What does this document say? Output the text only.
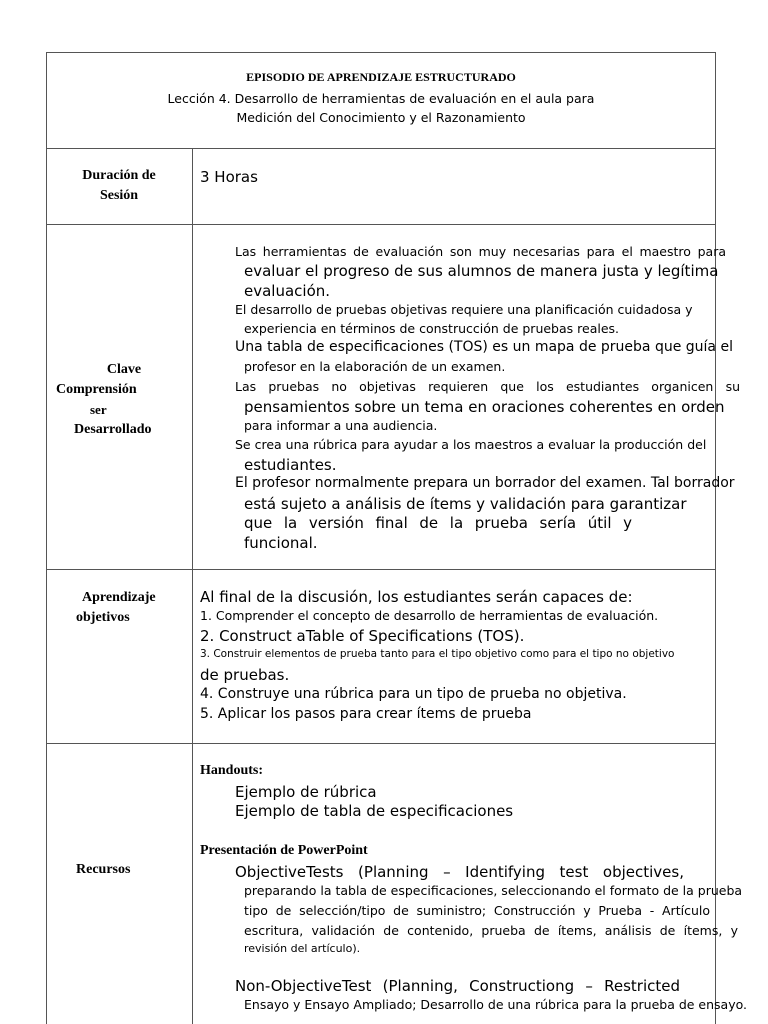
EPISODIO DE APRENDIZAJE ESTRUCTURADO
Lección 4. Desarrollo de herramientas de evaluación en el aula para
Medición del Conocimiento y el Razonamiento
Duración de
Sesión
3 Horas
Clave
Comprensión
ser
Desarrollado
Las herramientas de evaluación son muy necesarias para el maestro para
evaluar el progreso de sus alumnos de manera justa y legítima
evaluación.
El desarrollo de pruebas objetivas requiere una planificación cuidadosa y
experiencia en términos de construcción de pruebas reales.
Una tabla de especificaciones (TOS) es un mapa de prueba que guía el
profesor en la elaboración de un examen.
Las pruebas no objetivas requieren que los estudiantes organicen su
pensamientos sobre un tema en oraciones coherentes en orden
para informar a una audiencia.
Se crea una rúbrica para ayudar a los maestros a evaluar la producción del
estudiantes.
El profesor normalmente prepara un borrador del examen. Tal borrador
está sujeto a análisis de ítems y validación para garantizar
que la versión final de la prueba sería útil y
funcional.
Aprendizaje
objetivos
Al final de la discusión, los estudiantes serán capaces de:
1. Comprender el concepto de desarrollo de herramientas de evaluación.
2. Construct aTable of Specifications (TOS).
3. Construir elementos de prueba tanto para el tipo objetivo como para el tipo no objetivo
de pruebas.
4. Construye una rúbrica para un tipo de prueba no objetiva.
5. Aplicar los pasos para crear ítems de prueba
Recursos
Handouts:
Ejemplo de rúbrica
Ejemplo de tabla de especificaciones
Presentación de PowerPoint
ObjectiveTests (Planning – Identifying test objectives,
preparando la tabla de especificaciones, seleccionando el formato de la prueba
tipo de selección/tipo de suministro; Construcción y Prueba - Artículo
escritura, validación de contenido, prueba de ítems, análisis de ítems, y
revisión del artículo).
Non-ObjectiveTest (Planning, Constructiong – Restricted
Ensayo y Ensayo Ampliado; Desarrollo de una rúbrica para la prueba de ensayo.
